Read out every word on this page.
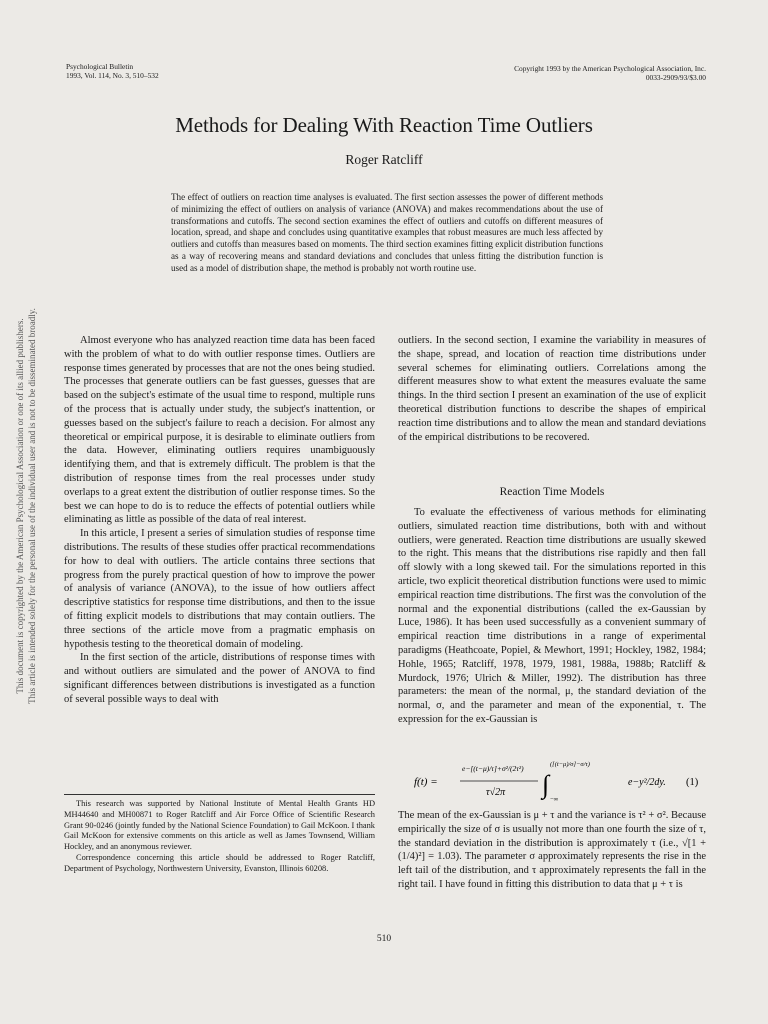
Psychological Bulletin
1993, Vol. 114, No. 3, 510–532
Copyright 1993 by the American Psychological Association, Inc.
0033-2909/93/$3.00
Methods for Dealing With Reaction Time Outliers
Roger Ratcliff
The effect of outliers on reaction time analyses is evaluated. The first section assesses the power of different methods of minimizing the effect of outliers on analysis of variance (ANOVA) and makes recommendations about the use of transformations and cutoffs. The second section examines the effect of outliers and cutoffs on different measures of location, spread, and shape and concludes using quantitative examples that robust measures are much less affected by outliers and cutoffs than measures based on moments. The third section examines fitting explicit distribution functions as a way of recovering means and standard deviations and concludes that unless fitting the distribution function is used as a model of distribution shape, the method is probably not worth routine use.

Almost everyone who has analyzed reaction time data has been faced with the problem of what to do with outlier response times. Outliers are response times generated by processes that are not the ones being studied. The processes that generate outliers can be fast guesses, guesses that are based on the subject's estimate of the usual time to respond, multiple runs of the process that is actually under study, the subject's inattention, or guesses based on the subject's failure to reach a decision. For almost any theoretical or empirical purpose, it is desirable to eliminate outliers from the data. However, eliminating outliers requires unambiguously identifying them, and that is extremely difficult. The problem is that the distribution of response times from the real processes under study overlaps to a great extent the distribution of outlier response times. So the best we can hope to do is to reduce the effects of potential outliers while eliminating as little as possible of the data of real interest.

In this article, I present a series of simulation studies of response time distributions. The results of these studies offer practical recommendations for how to deal with outliers. The article contains three sections that progress from the purely practical question of how to improve the power of analysis of variance (ANOVA), to the issue of how outliers affect descriptive statistics for response time distributions, and then to the issue of fitting explicit models to distributions that may contain outliers. The three sections of the article move from a pragmatic emphasis on hypothesis testing to the theoretical domain of modeling.

In the first section of the article, distributions of response times with and without outliers are simulated and the power of ANOVA to find significant differences between distributions is investigated as a function of several possible ways to deal with

outliers. In the second section, I examine the variability in measures of the shape, spread, and location of reaction time distributions under several schemes for eliminating outliers. Correlations among the different measures show to what extent the measures evaluate the same things. In the third section I present an examination of the use of explicit theoretical distribution functions to describe the shapes of empirical reaction time distributions and to allow the mean and standard deviations of the empirical distributions to be recovered.

Reaction Time Models

To evaluate the effectiveness of various methods for eliminating outliers, simulated reaction time distributions, both with and without outliers, were generated. Reaction time distributions are usually skewed to the right. This means that the distributions rise rapidly and then fall off slowly with a long skewed tail. For the simulations reported in this article, two explicit theoretical distribution functions were used to mimic empirical reaction time distributions. The first was the convolution of the normal and the exponential distributions (called the ex-Gaussian by Luce, 1986). It has been used successfully as a convenient summary of empirical reaction time distributions in a range of experimental paradigms (Heathcoate, Popiel, & Mewhort, 1991; Hockley, 1982, 1984; Hohle, 1965; Ratcliff, 1978, 1979, 1981, 1988a, 1988b; Ratcliff & Murdock, 1976; Ulrich & Miller, 1992). The distribution has three parameters: the mean of the normal, μ, the standard deviation of the normal, σ, and the parameter and mean of the exponential, τ. The expression for the ex-Gaussian is

f(t) =
e−[(t−μ)/τ]+σ²/(2τ²)
τ√2π ∫
([(t−μ)/σ]−σ/τ)
−∞
e−y²/2dy. (1)

The mean of the ex-Gaussian is μ + τ and the variance is τ² + σ². Because empirically the size of σ is usually not more than one fourth the size of τ, the standard deviation in the distribution is approximately τ (i.e., √[1 + (1/4)²] = 1.03). The parameter σ approximately represents the rise in the left tail of the distribution, and τ approximately represents the fall in the right tail. I have found in fitting this distribution to data that μ + τ is

This research was supported by National Institute of Mental Health Grants HD MH44640 and MH00871 to Roger Ratcliff and Air Force Office of Scientific Research Grant 90-0246 (jointly funded by the National Science Foundation) to Gail McKoon. I thank Gail McKoon for extensive comments on this article as well as James Townsend, William Hockley, and an anonymous reviewer.

Correspondence concerning this article should be addressed to Roger Ratcliff, Department of Psychology, Northwestern University, Evanston, Illinois 60208.

510
This document is copyrighted by the American Psychological Association or one of its allied publishers. This article is intended solely for the personal use of the individual user and is not to be disseminated broadly.
